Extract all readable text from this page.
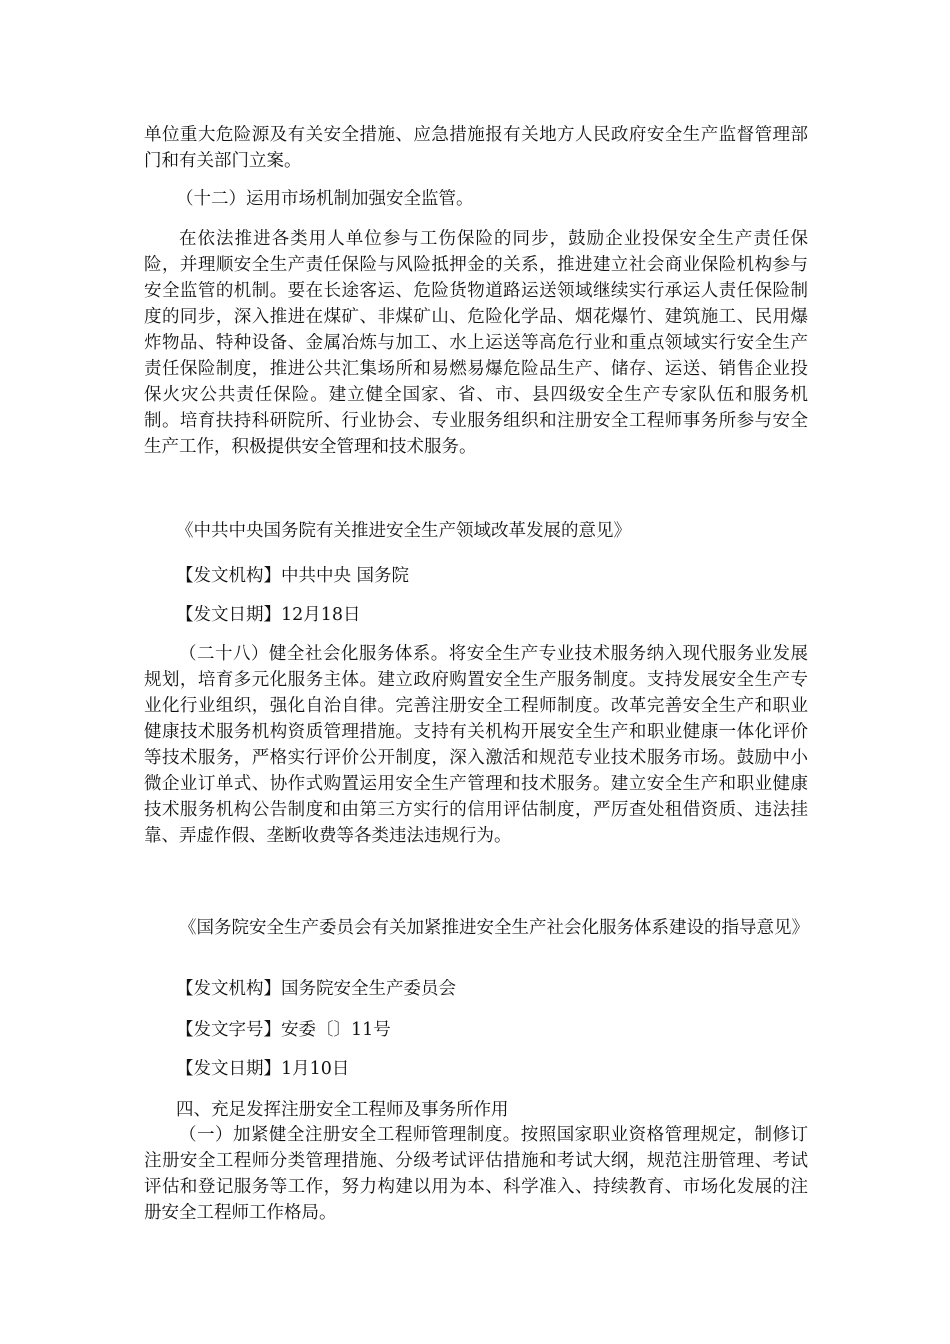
单位重大危险源及有关安全措施、应急措施报有关地方人民政府安全生产监督管理部门和有关部门立案。

（十二）运用市场机制加强安全监管。

在依法推进各类用人单位参与工伤保险的同步，鼓励企业投保安全生产责任保险，并理顺安全生产责任保险与风险抵押金的关系，推进建立社会商业保险机构参与安全监管的机制。要在长途客运、危险货物道路运送领域继续实行承运人责任保险制度的同步，深入推进在煤矿、非煤矿山、危险化学品、烟花爆竹、建筑施工、民用爆炸物品、特种设备、金属冶炼与加工、水上运送等高危行业和重点领域实行安全生产责任保险制度，推进公共汇集场所和易燃易爆危险品生产、储存、运送、销售企业投保火灾公共责任保险。建立健全国家、省、市、县四级安全生产专家队伍和服务机制。培育扶持科研院所、行业协会、专业服务组织和注册安全工程师事务所参与安全生产工作，积极提供安全管理和技术服务。

《中共中央国务院有关推进安全生产领域改革发展的意见》

【发文机构】中共中央 国务院

【发文日期】12月18日

（二十八）健全社会化服务体系。将安全生产专业技术服务纳入现代服务业发展规划，培育多元化服务主体。建立政府购置安全生产服务制度。支持发展安全生产专业化行业组织，强化自治自律。完善注册安全工程师制度。改革完善安全生产和职业健康技术服务机构资质管理措施。支持有关机构开展安全生产和职业健康一体化评价等技术服务，严格实行评价公开制度，深入激活和规范专业技术服务市场。鼓励中小微企业订单式、协作式购置运用安全生产管理和技术服务。建立安全生产和职业健康技术服务机构公告制度和由第三方实行的信用评估制度，严厉查处租借资质、违法挂靠、弄虚作假、垄断收费等各类违法违规行为。

《国务院安全生产委员会有关加紧推进安全生产社会化服务体系建设的指导意见》

【发文机构】国务院安全生产委员会

【发文字号】安委〔〕11号

【发文日期】1月10日

四、充足发挥注册安全工程师及事务所作用

（一）加紧健全注册安全工程师管理制度。按照国家职业资格管理规定，制修订注册安全工程师分类管理措施、分级考试评估措施和考试大纲，规范注册管理、考试评估和登记服务等工作，努力构建以用为本、科学准入、持续教育、市场化发展的注册安全工程师工作格局。
